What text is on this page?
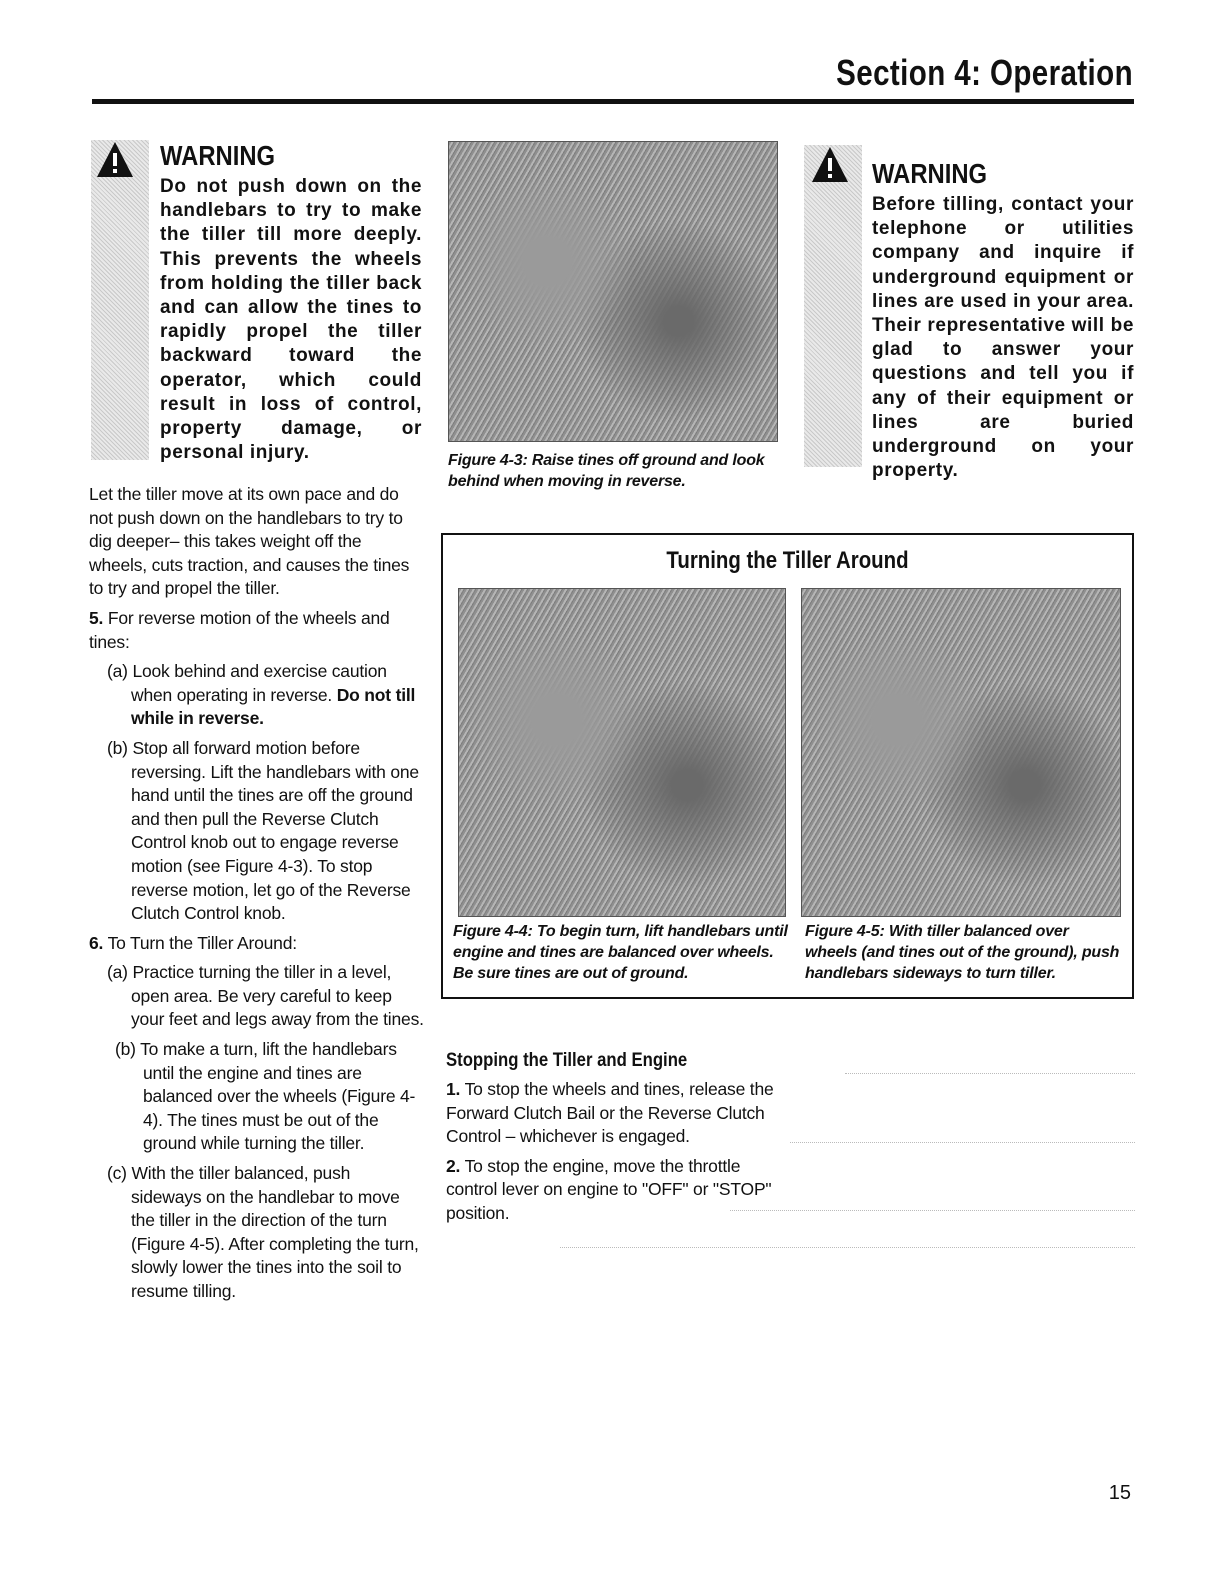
Section 4: Operation
WARNING
Do not push down on the handlebars to try to make the tiller till more deeply. This prevents the wheels from holding the tiller back and can allow the tines to rapidly propel the tiller backward toward the operator, which could result in loss of control, property damage, or personal injury.	Figure 4-3: Raise tines off ground and look behind when moving in reverse.
WARNING
Before tilling, contact your telephone or utilities company and inquire if underground equipment or lines are used in your area. Their representative will be glad to answer your questions and tell you if any of their equipment or lines are buried underground on your property.

Let the tiller move at its own pace and do not push down on the handlebars to try to dig deeper– this takes weight off the wheels, cuts traction, and causes the tines to try and propel the tiller.

5. For reverse motion of the wheels and tines:

(a) Look behind and exercise caution when operating in reverse. Do not till while in reverse.

(b) Stop all forward motion before reversing. Lift the handlebars with one hand until the tines are off the ground and then pull the Reverse Clutch Control knob out to engage reverse motion (see Figure 4-3). To stop reverse motion, let go of the Reverse Clutch Control knob.

6. To Turn the Tiller Around:

(a) Practice turning the tiller in a level, open area. Be very careful to keep your feet and legs away from the tines.

(b) To make a turn, lift the handlebars until the engine and tines are balanced over the wheels (Figure 4-4). The tines must be out of the ground while turning the tiller.

(c) With the tiller balanced, push sideways on the handlebar to move the tiller in the direction of the turn (Figure 4-5). After completing the turn, slowly lower the tines into the soil to resume tilling.

Turning the Tiller Around
Figure 4-4: To begin turn, lift handlebars until engine and tines are balanced over wheels. Be sure tines are out of ground.
Figure 4-5: With tiller balanced over wheels (and tines out of the ground), push handlebars sideways to turn tiller.
Stopping the Tiller and Engine

1. To stop the wheels and tines, release the Forward Clutch Bail or the Reverse Clutch Control – whichever is engaged.

2. To stop the engine, move the throttle control lever on engine to "OFF" or "STOP" position.

15
